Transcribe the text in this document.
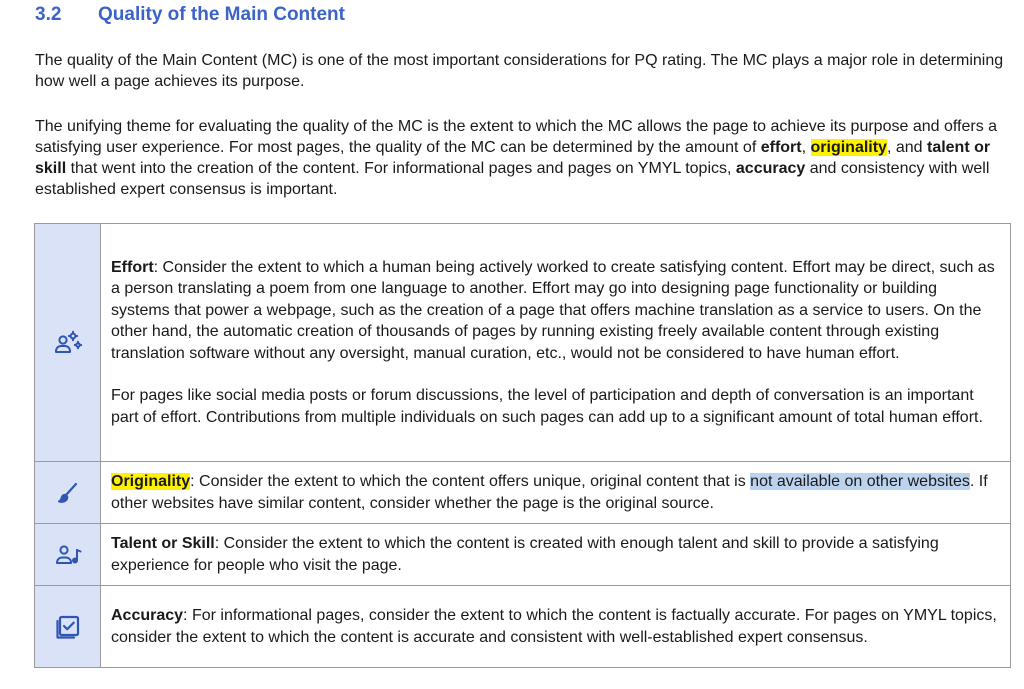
3.2 Quality of the Main Content

The quality of the Main Content (MC) is one of the most important considerations for PQ rating. The MC plays a major role in determining how well a page achieves its purpose.

The unifying theme for evaluating the quality of the MC is the extent to which the MC allows the page to achieve its purpose and offers a satisfying user experience. For most pages, the quality of the MC can be determined by the amount of effort, originality, and talent or skill that went into the creation of the content. For informational pages and pages on YMYL topics, accuracy and consistency with well established expert consensus is important.

Effort: Consider the extent to which a human being actively worked to create satisfying content. Effort may be direct, such as a person translating a poem from one language to another. Effort may go into designing page functionality or building systems that power a webpage, such as the creation of a page that offers machine translation as a service to users. On the other hand, the automatic creation of thousands of pages by running existing freely available content through existing translation software without any oversight, manual curation, etc., would not be considered to have human effort.

For pages like social media posts or forum discussions, the level of participation and depth of conversation is an important part of effort. Contributions from multiple individuals on such pages can add up to a significant amount of total human effort.

Originality: Consider the extent to which the content offers unique, original content that is not available on other websites. If other websites have similar content, consider whether the page is the original source.

Talent or Skill: Consider the extent to which the content is created with enough talent and skill to provide a satisfying experience for people who visit the page.

Accuracy: For informational pages, consider the extent to which the content is factually accurate. For pages on YMYL topics, consider the extent to which the content is accurate and consistent with well-established expert consensus.
